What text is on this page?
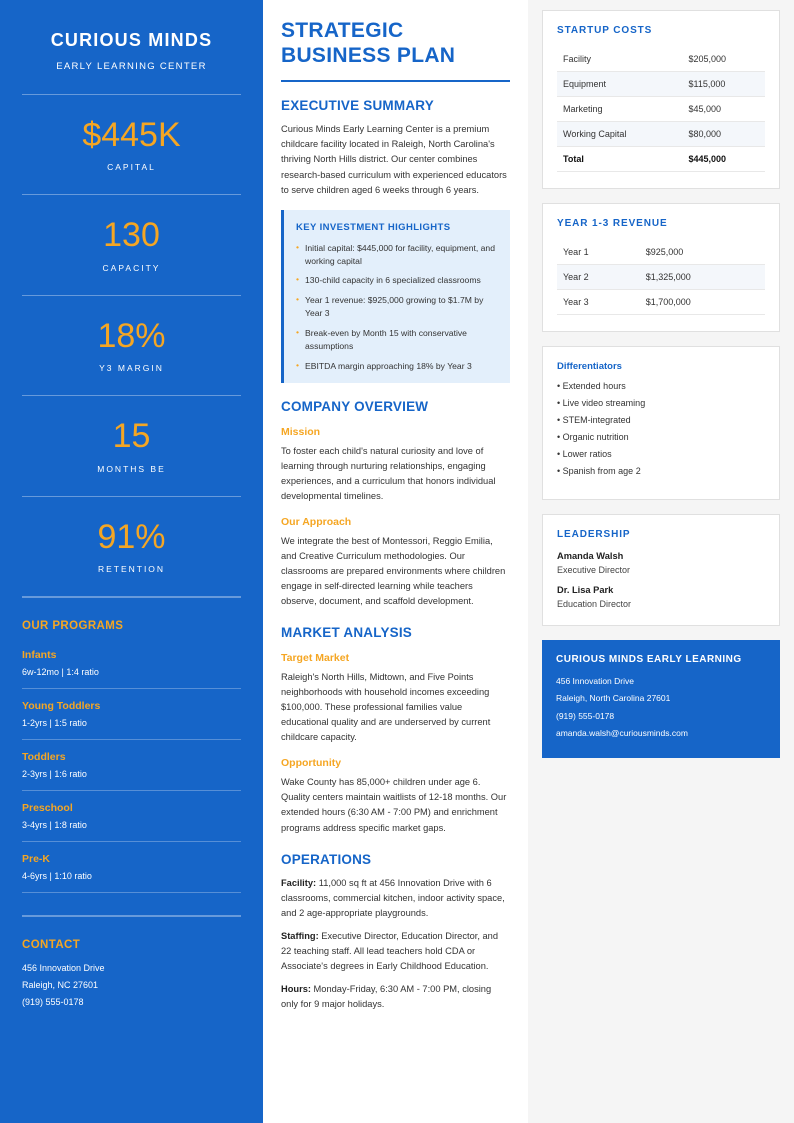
CURIOUS MINDS
EARLY LEARNING CENTER
$445K
CAPITAL
130
CAPACITY
18%
Y3 MARGIN
15
MONTHS BE
91%
RETENTION
OUR PROGRAMS
Infants
6w-12mo | 1:4 ratio
Young Toddlers
1-2yrs | 1:5 ratio
Toddlers
2-3yrs | 1:6 ratio
Preschool
3-4yrs | 1:8 ratio
Pre-K
4-6yrs | 1:10 ratio
CONTACT
456 Innovation Drive
Raleigh, NC 27601
(919) 555-0178
STRATEGIC BUSINESS PLAN
EXECUTIVE SUMMARY

Curious Minds Early Learning Center is a premium childcare facility located in Raleigh, North Carolina's thriving North Hills district. Our center combines research-based curriculum with experienced educators to serve children aged 6 weeks through 6 years.

KEY INVESTMENT HIGHLIGHTS
• Initial capital: $445,000 for facility, equipment, and working capital
• 130-child capacity in 6 specialized classrooms
• Year 1 revenue: $925,000 growing to $1.7M by Year 3
• Break-even by Month 15 with conservative assumptions
• EBITDA margin approaching 18% by Year 3
COMPANY OVERVIEW
Mission

To foster each child's natural curiosity and love of learning through nurturing relationships, engaging experiences, and a curriculum that honors individual developmental timelines.

Our Approach

We integrate the best of Montessori, Reggio Emilia, and Creative Curriculum methodologies. Our classrooms are prepared environments where children engage in self-directed learning while teachers observe, document, and scaffold development.

MARKET ANALYSIS
Target Market

Raleigh's North Hills, Midtown, and Five Points neighborhoods with household incomes exceeding $100,000. These professional families value educational quality and are underserved by current childcare capacity.

Opportunity

Wake County has 85,000+ children under age 6. Quality centers maintain waitlists of 12-18 months. Our extended hours (6:30 AM - 7:00 PM) and enrichment programs address specific market gaps.

OPERATIONS

Facility: 11,000 sq ft at 456 Innovation Drive with 6 classrooms, commercial kitchen, indoor activity space, and 2 age-appropriate playgrounds.

Staffing: Executive Director, Education Director, and 22 teaching staff. All lead teachers hold CDA or Associate's degrees in Early Childhood Education.

Hours: Monday-Friday, 6:30 AM - 7:00 PM, closing only for 9 major holidays.

STARTUP COSTS
Facility	$205,000
Equipment	$115,000
Marketing	$45,000
Working Capital	$80,000
Total	$445,000
YEAR 1-3 REVENUE
Year 1	$925,000
Year 2	$1,325,000
Year 3	$1,700,000
Differentiators
• Extended hours
• Live video streaming
• STEM-integrated
• Organic nutrition
• Lower ratios
• Spanish from age 2
LEADERSHIP
Amanda Walsh
Executive Director
Dr. Lisa Park
Education Director
CURIOUS MINDS EARLY LEARNING
456 Innovation Drive
Raleigh, North Carolina 27601
(919) 555-0178
amanda.walsh@curiousminds.com
